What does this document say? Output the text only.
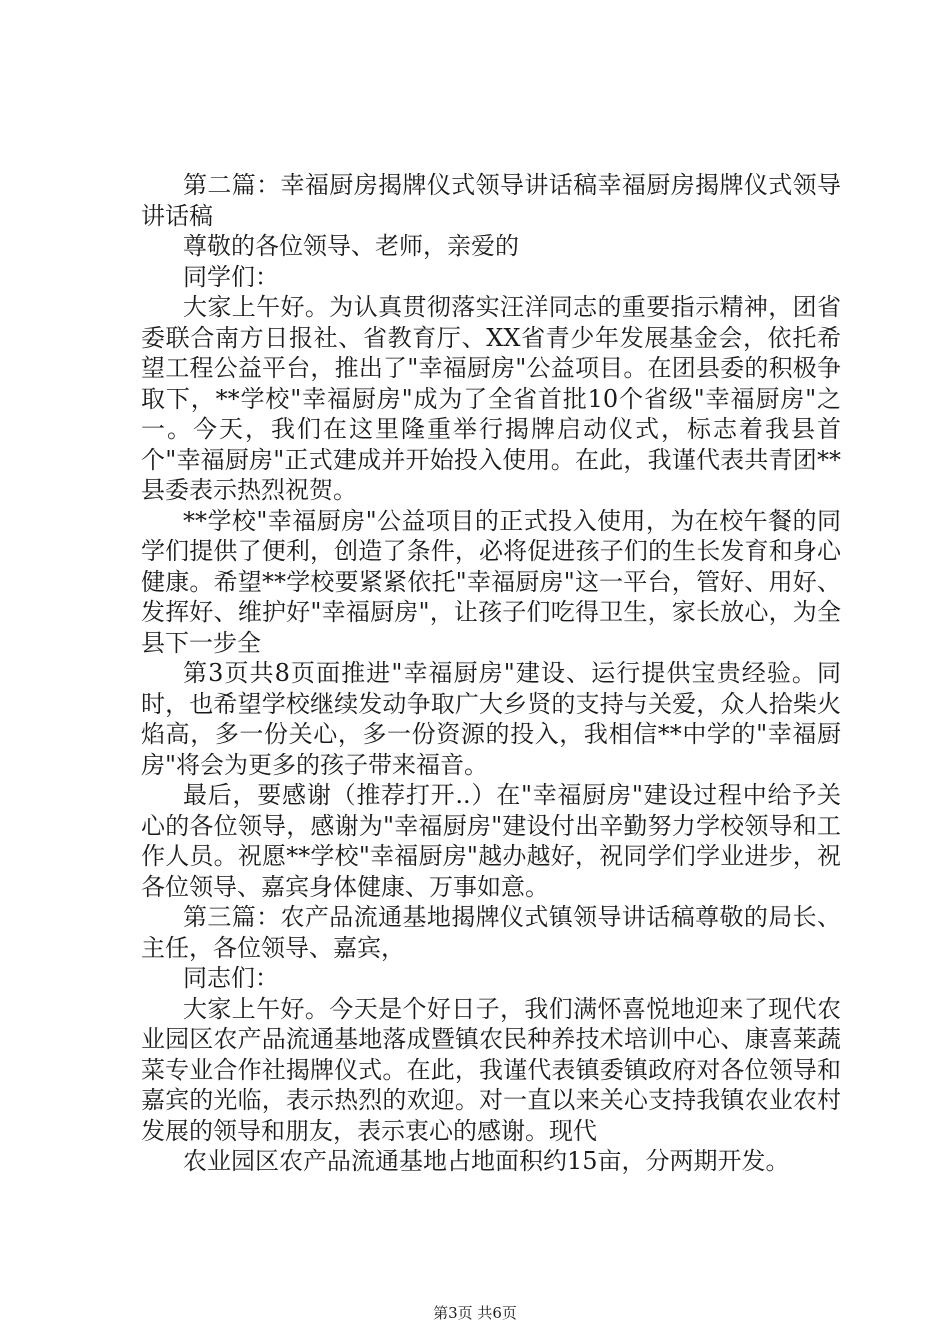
第二篇：幸福厨房揭牌仪式领导讲话稿幸福厨房揭牌仪式领导讲话稿

尊敬的各位领导、老师，亲爱的

同学们：

大家上午好。为认真贯彻落实汪洋同志的重要指示精神，团省委联合南方日报社、省教育厅、XX省青少年发展基金会，依托希望工程公益平台，推出了"幸福厨房"公益项目。在团县委的积极争取下，**学校"幸福厨房"成为了全省首批10个省级"幸福厨房"之一。今天，我们在这里隆重举行揭牌启动仪式，标志着我县首个"幸福厨房"正式建成并开始投入使用。在此，我谨代表共青团**县委表示热烈祝贺。

**学校"幸福厨房"公益项目的正式投入使用，为在校午餐的同学们提供了便利，创造了条件，必将促进孩子们的生长发育和身心健康。希望**学校要紧紧依托"幸福厨房"这一平台，管好、用好、发挥好、维护好"幸福厨房"，让孩子们吃得卫生，家长放心，为全县下一步全

第3页共8页面推进"幸福厨房"建设、运行提供宝贵经验。同时，也希望学校继续发动争取广大乡贤的支持与关爱，众人拾柴火焰高，多一份关心，多一份资源的投入，我相信**中学的"幸福厨房"将会为更多的孩子带来福音。

最后，要感谢（推荐打开..）在"幸福厨房"建设过程中给予关心的各位领导，感谢为"幸福厨房"建设付出辛勤努力学校领导和工作人员。祝愿**学校"幸福厨房"越办越好，祝同学们学业进步，祝各位领导、嘉宾身体健康、万事如意。

第三篇：农产品流通基地揭牌仪式镇领导讲话稿尊敬的局长、主任，各位领导、嘉宾，

同志们：

大家上午好。今天是个好日子，我们满怀喜悦地迎来了现代农业园区农产品流通基地落成暨镇农民种养技术培训中心、康喜莱蔬菜专业合作社揭牌仪式。在此，我谨代表镇委镇政府对各位领导和嘉宾的光临，表示热烈的欢迎。对一直以来关心支持我镇农业农村发展的领导和朋友，表示衷心的感谢。现代

农业园区农产品流通基地占地面积约15亩，分两期开发。

第3页 共6页
